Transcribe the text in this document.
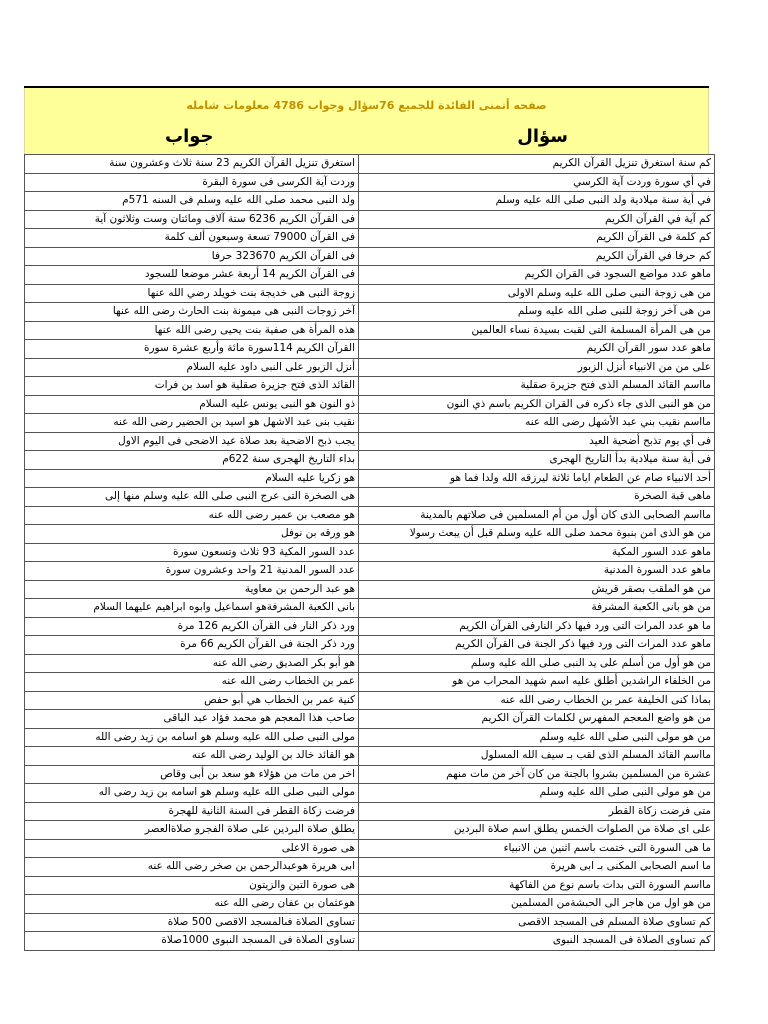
صفحه أتمنى الفائدة للجميع 76سؤال وجواب 4786 معلومات شامله
سؤال
جواب
استغرق تنزيل القرآن الكريم 23 سنة ثلاث وعشرون سنة	كم سنة استغرق تنزيل القرآن الكريم
وردت آية الكرسى فى سورة البقرة	في أي سورة وردت آية الكرسي
ولد النبى محمد صلى الله عليه وسلم فى السنه 571م	في أية سنة ميلادية ولد النبى صلى الله عليه وسلم
فى القرآن الكريم 6236 ستة آلاف ومائتان وست وثلاثون آية	كم آية في القرآن الكريم
فى القرآن 79000 تسعة وسبعون ألف كلمة	كم كلمة فى القرآن الكريم
فى القرآن الكريم 323670 حرفا	كم حرفا في القرآن الكريم
فى القرآن الكريم 14 أربعة عشر موضعا للسجود	ماهو عدد مواضع السجود فى القران الكريم
زوجة النبى هى خديجة بنت خويلد رضي الله عنها	من هى زوجة النبى صلى الله عليه وسلم الاولى
آخر زوجات النبى هى ميمونة بنت الحارث رضى الله عنها	من هى آخر زوجة للنبى صلى الله عليه وسلم
هذه المرأة هى صفية بنت يحيى رضى الله عنها	من هى المرأة المسلمة التى لقبت بسيدة نساء العالمين
القرآن الكريم 114سورة مائة وأربع عشرة سورة	ماهو عدد سور القرآن الكريم
أنزل الزبور على النبى داود عليه السلام	على من من الانبياء أنزل الزبور
القائد الذى فتح جزيرة صقلية هو اسد بن فرات	مااسم القائد المسلم الذى فتح جزيرة صقلية
ذو النون هو النبى يونس عليه السلام	من هو النبى الذى جاء ذكره فى القران الكريم باسم ذي النون
نقيب بنى عبد الاشهل هو اسيد بن الحضير رضى الله عنه	مااسم نقيب بني عبد الأشهل رضى الله عنه
يجب ذبح الاضحية بعد صلاة عيد الاضحى فى اليوم الاول	فى أي يوم تذبح أضحية العيد
بداء التاريخ الهجرى سنة 622م	فى أية سنة ميلادية بدأ التاريخ الهجرى
هو زكريا عليه السلام	أحد الانبياء صام عن الطعام اياما ثلاثة ليرزقه الله ولدا فما هو
هى الصخرة التى عرج النبى صلى الله عليه وسلم منها إلى	ماهى قبة الصخرة
هو مصعب بن عمير رضى الله عنه	مااسم الصحابى الذى كان أول من أم المسلمين فى صلاتهم بالمدينة
هو ورقه بن نوفل	من هو الذى امن بنبوة محمد صلى الله عليه وسلم قبل أن يبعث رسولا
عدد السور المكية 93 ثلاث وتسعون سورة	ماهو عدد السور المكية
عدد السور المدنية 21 واحد وعشرون سورة	ماهو عدد السورة المدنية
هو عبد الرحمن بن معاوية	من هو الملقب بصقر قريش
بانى الكعبة المشرفةهو اسماعيل وابوه ابراهيم عليهما السلام	من هو بانى الكعبة المشرفة
ورد ذكر النار فى القرآن الكريم 126 مرة	ما هو عدد المرات التى ورد فيها ذكر النارفى القرآن الكريم
ورد ذكر الجنة فى القرآن الكريم 66 مرة	ماهو عدد المرات التى ورد فيها ذكر الجنة فى القرآن الكريم
هو أبو بكر الصديق رضى الله عنه	من هو أول من أسلم على يد النبى صلى الله عليه وسلم
عمر بن الخطاب رضى الله عنه	من الخلفاء الراشدين أطلق عليه اسم شهيد المحراب من هو
كنية عمر بن الخطاب هي أبو حفص	بماذا كنى الخليفة عمر بن الخطاب رضى الله عنه
صاحب هذا المعجم هو محمد فؤاد عبد الباقى	من هو واضع المعجم المفهرس لكلمات القرآن الكريم
مولى النبى صلى الله عليه وسلم هو اسامه بن زيد رضى الله	من هو مولى النبى صلى الله عليه وسلم
هو القائد خالد بن الوليد رضى الله عنه	مااسم القائد المسلم الذى لقب بـ سيف الله المسلول
اخر من مات من هؤلاء هو سعد بن أبى وقاص	عشرة من المسلمين بشروا بالجنة من كان آخر من مات منهم
مولى النبى صلى الله عليه وسلم هو اسامه بن زيد رضى اله	من هو مولى النبى صلى الله عليه وسلم
فرضت زكاة القطر فى السنة الثانية للهجرة	متى فرضت زكاة القطر
يطلق صلاة البردين على صلاة الفجرو صلاةالعصر	على اى صلاة من الصلوات الخمس يطلق اسم صلاة البردين
هى صورة الاعلى	ما هى السورة التى ختمت باسم اثنين من الانبياء
ابى هريرة هوعبدالرحمن بن صخر رضى الله عنه	ما اسم الصحابى المكنى بـ ابى هريرة
هى صورة التين والزيتون	مااسم السورة التى بدات باسم نوع من الفاكهة
هوعثمان بن عفان رضى الله عنه	من هو اول من هاجر الى الحبشةمن المسلمين
تساوى الصلاة فىالمسجد الاقصى 500 صلاة	كم تساوى صلاة المسلم فى المسجد الاقصى
تساوى الصلاة فى المسجد النبوى 1000صلاة	كم تساوى الصلاة فى المسجد النبوى
